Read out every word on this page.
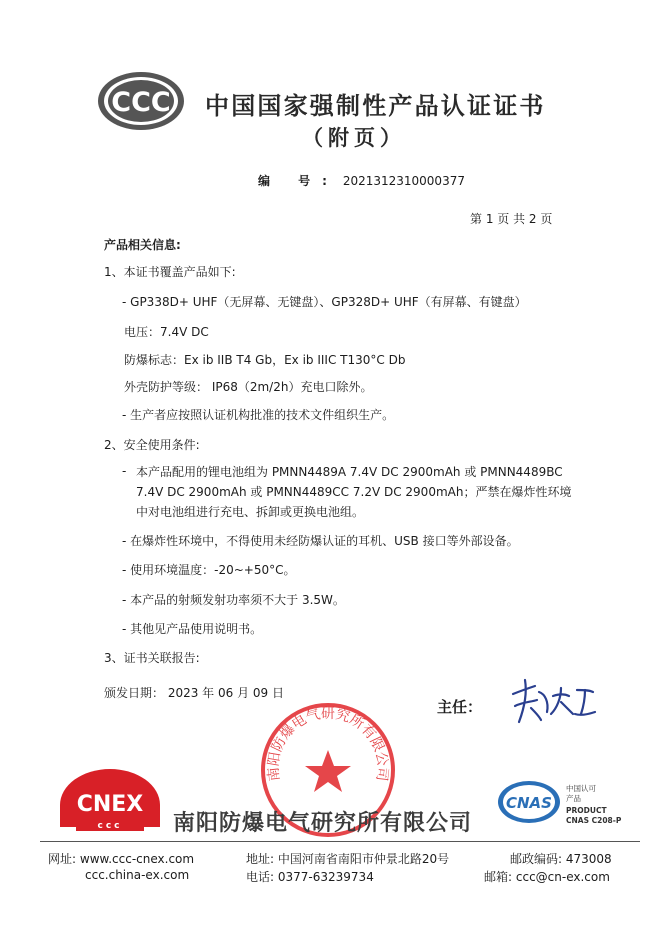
CCC 中国国家强制性产品认证证书
（附页）
编 号: 2021312310000377
第 1 页 共 2 页
产品相关信息:
1、本证书覆盖产品如下:
- GP338D+ UHF（无屏幕、无键盘）、GP328D+ UHF（有屏幕、有键盘）
电压：7.4V DC
防爆标志：Ex ib IIB T4 Gb，Ex ib IIIC T130°C Db
外壳防护等级： IP68（2m/2h）充电口除外。
- 生产者应按照认证机构批准的技术文件组织生产。
2、安全使用条件:
- 本产品配用的锂电池组为 PMNN4489A 7.4V DC 2900mAh 或 PMNN4489BC 7.4V DC 2900mAh 或 PMNN4489CC 7.2V DC 2900mAh；严禁在爆炸性环境中对电池组进行充电、拆卸或更换电池组。
- 在爆炸性环境中，不得使用未经防爆认证的耳机、USB 接口等外部设备。
- 使用环境温度：-20~+50°C。
- 本产品的射频发射功率须不大于 3.5W。
- 其他见产品使用说明书。
3、证书关联报告:
颁发日期： 2023 年 06 月 09 日
主任：
南阳防爆电气研究所有限公司
CNEX
ccc 南阳防爆电气研究所有限公司
CNAS
中国认可
产品
PRODUCT
CNAS C208-P
网址: www.ccc-cnex.com
ccc.china-ex.com
地址: 中国河南省南阳市仲景北路20号
电话: 0377-63239734
邮政编码: 473008
邮箱: ccc@cn-ex.com
